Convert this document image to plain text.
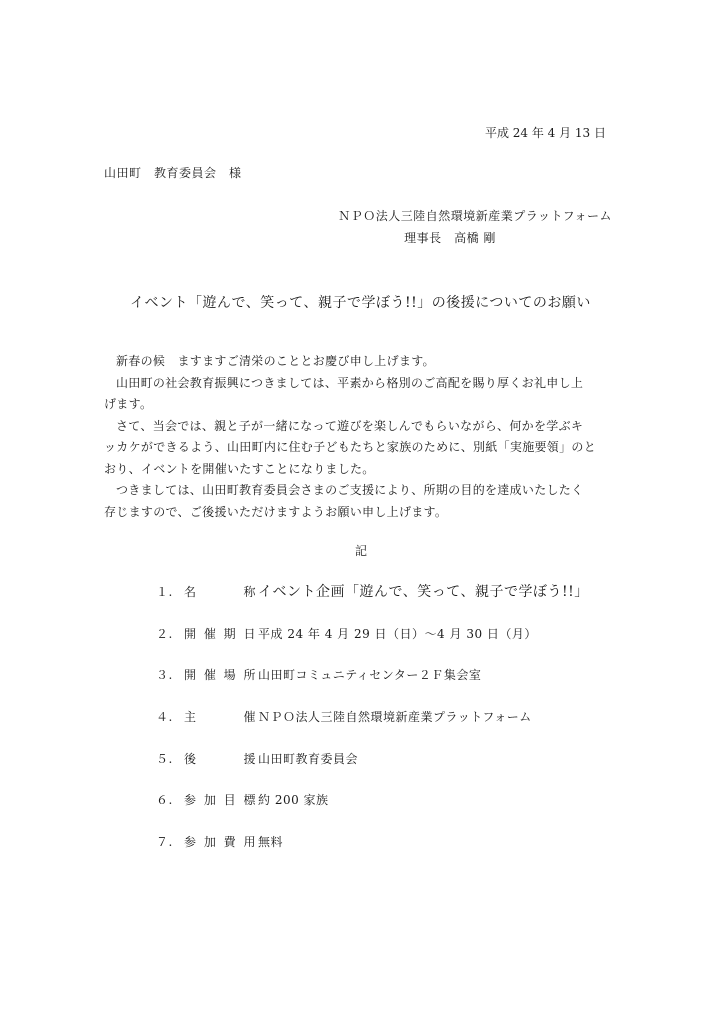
平成 24 年 4 月 13 日

山田町　教育委員会　様

ＮＰＯ法人三陸自然環境新産業プラットフォーム

理事長　高橋 剛

イベント「遊んで、笑って、親子で学ぼう!!」の後援についてのお願い

新春の候　ますますご清栄のこととお慶び申し上げます。

山田町の社会教育振興につきましては、平素から格別のご高配を賜り厚くお礼申し上

げます。

さて、当会では、親と子が一緒になって遊びを楽しんでもらいながら、何かを学ぶキ

ッカケができるよう、山田町内に住む子どもたちと家族のために、別紙「実施要領」のと

おり、イベントを開催いたすことになりました。

つきましては、山田町教育委員会さまのご支援により、所期の目的を達成いたしたく

存じますので、ご後援いただけますようお願い申し上げます。

記

１. 名　　称 イベント企画「遊んで、笑って、親子で学ぼう!!」
２. 開催期日 平成 24 年 4 月 29 日（日）～4 月 30 日（月）
３. 開催場所 山田町コミュニティセンター２Ｆ集会室
４. 主　　催 ＮＰＯ法人三陸自然環境新産業プラットフォーム
５. 後　　援 山田町教育委員会
６. 参加目標 約 200 家族
７. 参加費用 無料
